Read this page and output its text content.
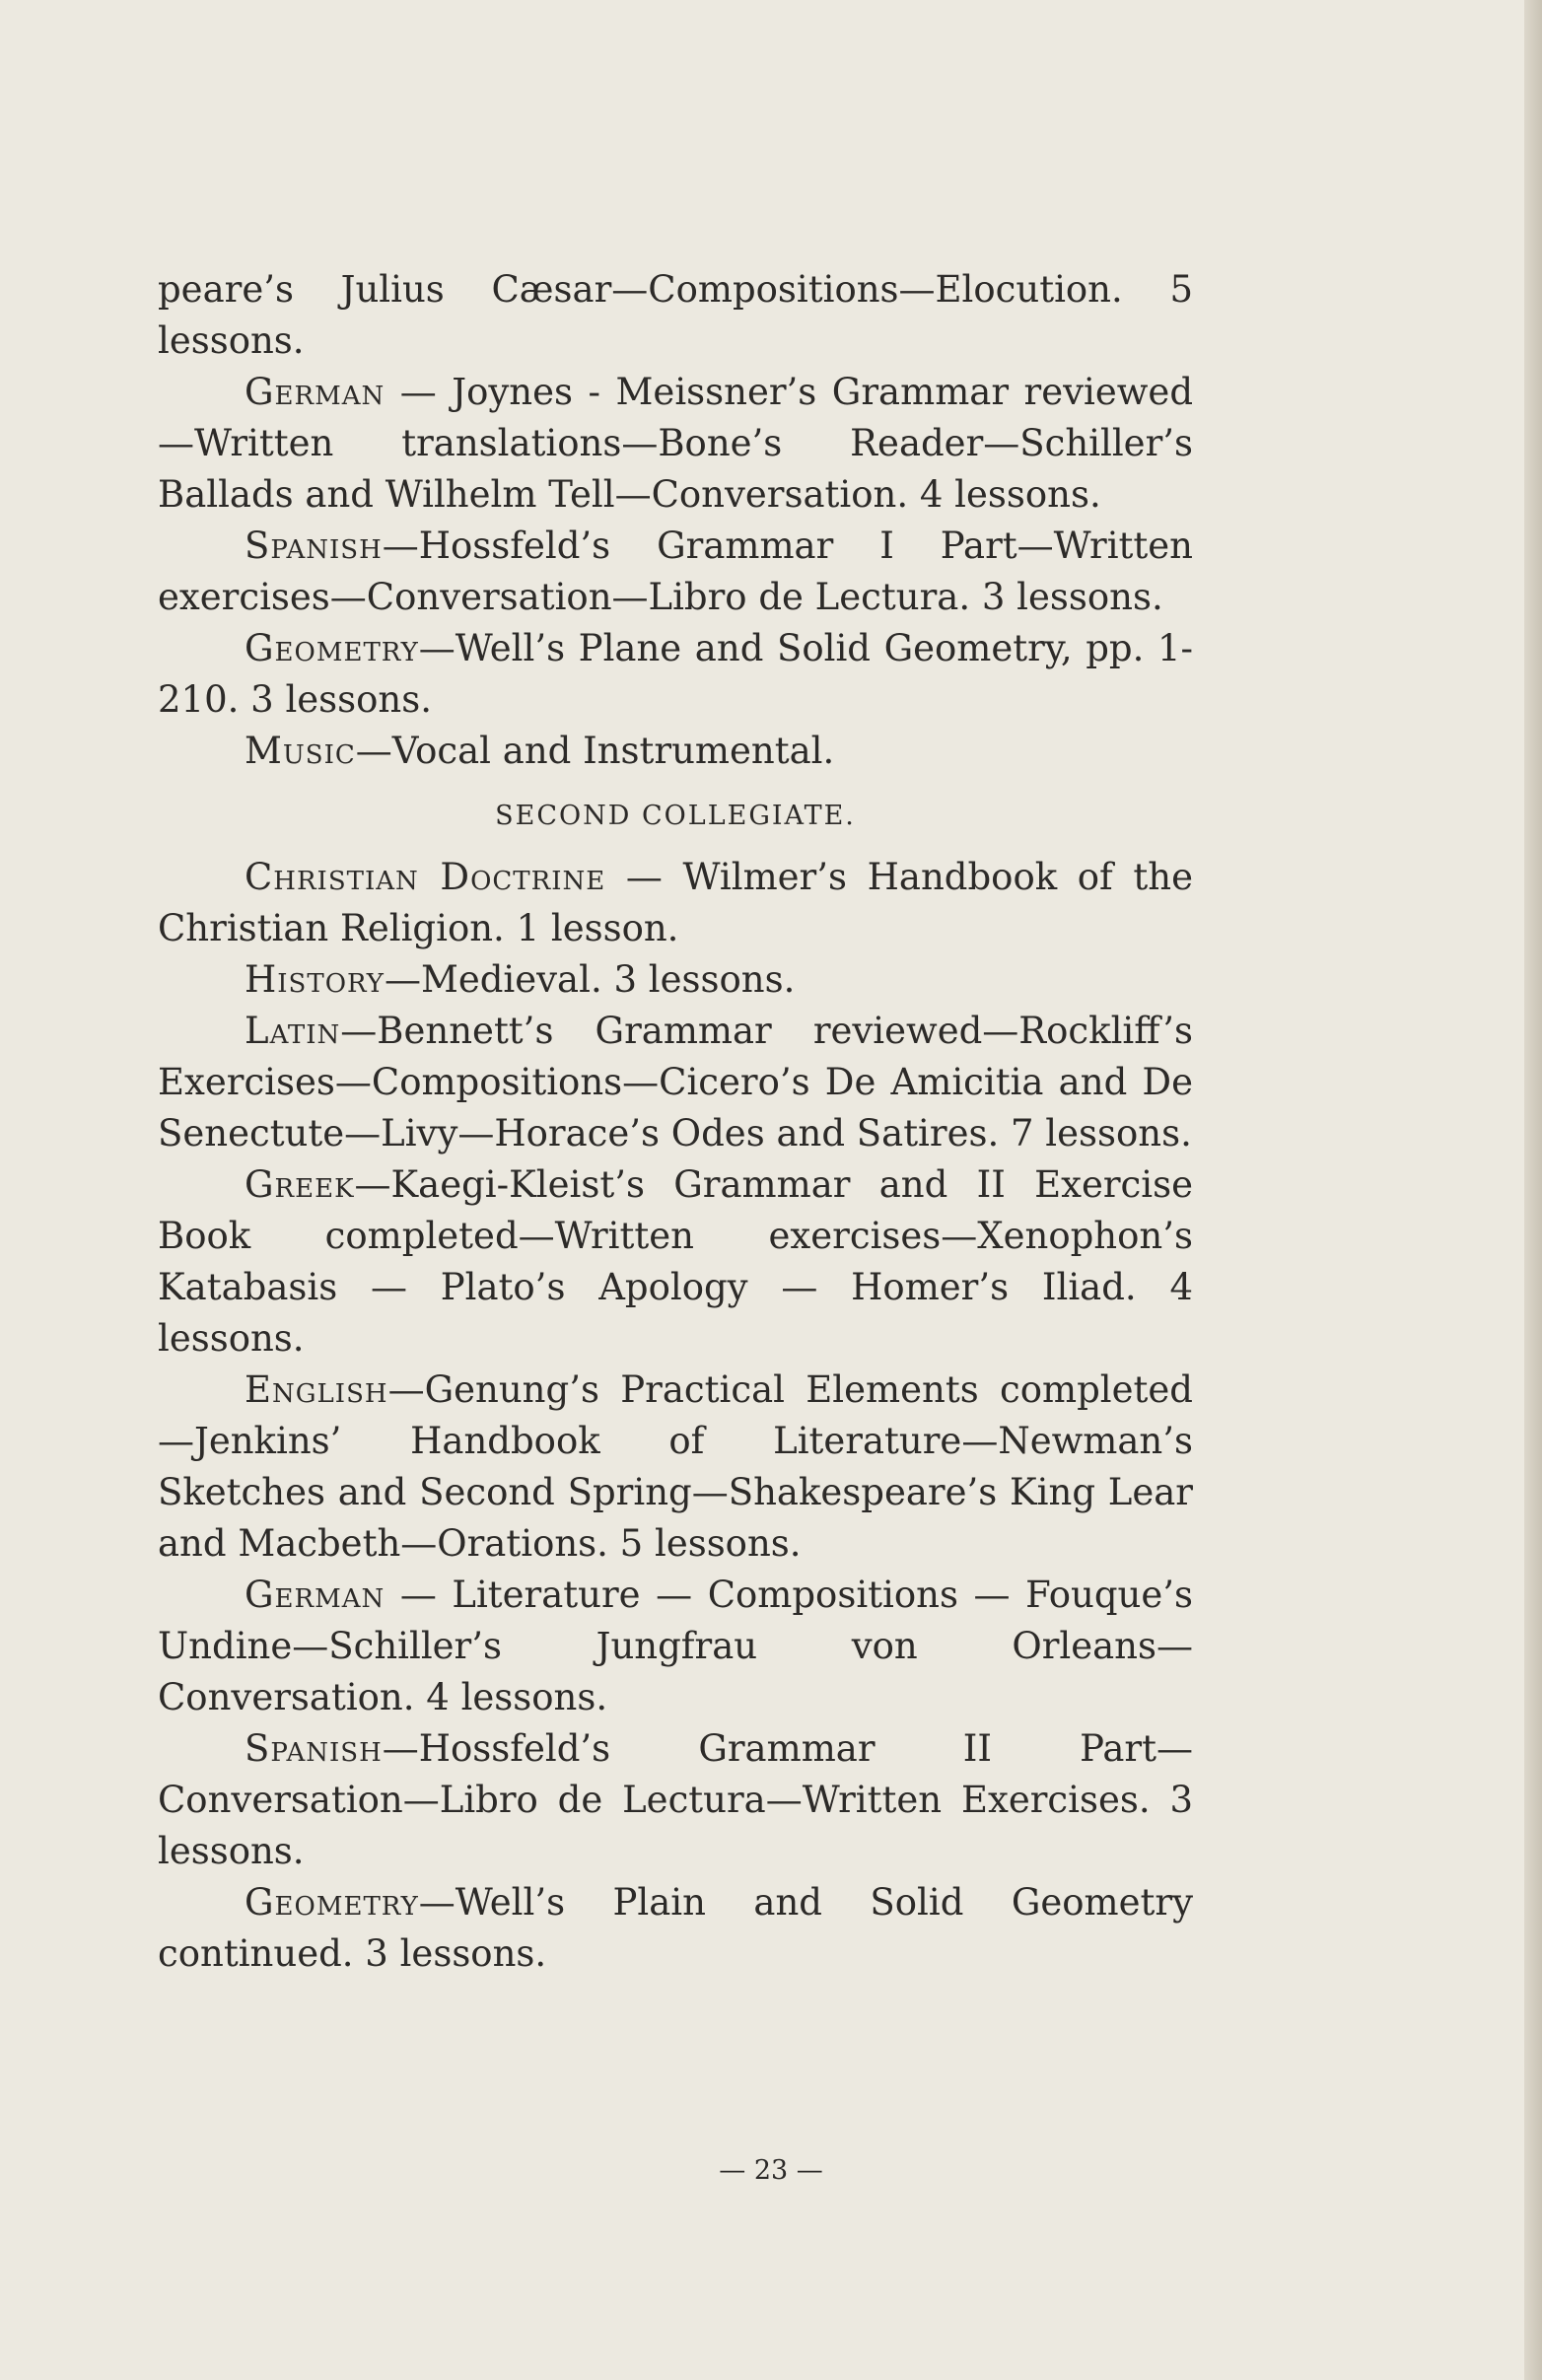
peare’s Julius Cæsar—Compositions—Elocution. 5 lessons.

German — Joynes - Meissner’s Grammar reviewed—Written translations—Bone’s Reader—Schiller’s Ballads and Wilhelm Tell—Conversation. 4 lessons.

Spanish—Hossfeld’s Grammar I Part—Written exercises—Conversation—Libro de Lectura. 3 lessons.

Geometry—Well’s Plane and Solid Geometry, pp. 1-210. 3 lessons.

Music—Vocal and Instrumental.

SECOND COLLEGIATE.

Christian Doctrine — Wilmer’s Handbook of the Christian Religion. 1 lesson.

History—Medieval. 3 lessons.

Latin—Bennett’s Grammar reviewed—Rockliff’s Exercises—Compositions—Cicero’s De Amicitia and De Senectute—Livy—Horace’s Odes and Satires. 7 lessons.

Greek—Kaegi-Kleist’s Grammar and II Exercise Book completed—Written exercises—Xenophon’s Katabasis — Plato’s Apology — Homer’s Iliad. 4 lessons.

English—Genung’s Practical Elements completed—Jenkins’ Handbook of Literature—Newman’s Sketches and Second Spring—Shakespeare’s King Lear and Macbeth—Orations. 5 lessons.

German — Literature — Compositions — Fouque’s Undine—Schiller’s Jungfrau von Orleans—Conversation. 4 lessons.

Spanish—Hossfeld’s Grammar II Part—Conversation—Libro de Lectura—Written Exercises. 3 lessons.

Geometry—Well’s Plain and Solid Geometry continued. 3 lessons.

— 23 —
